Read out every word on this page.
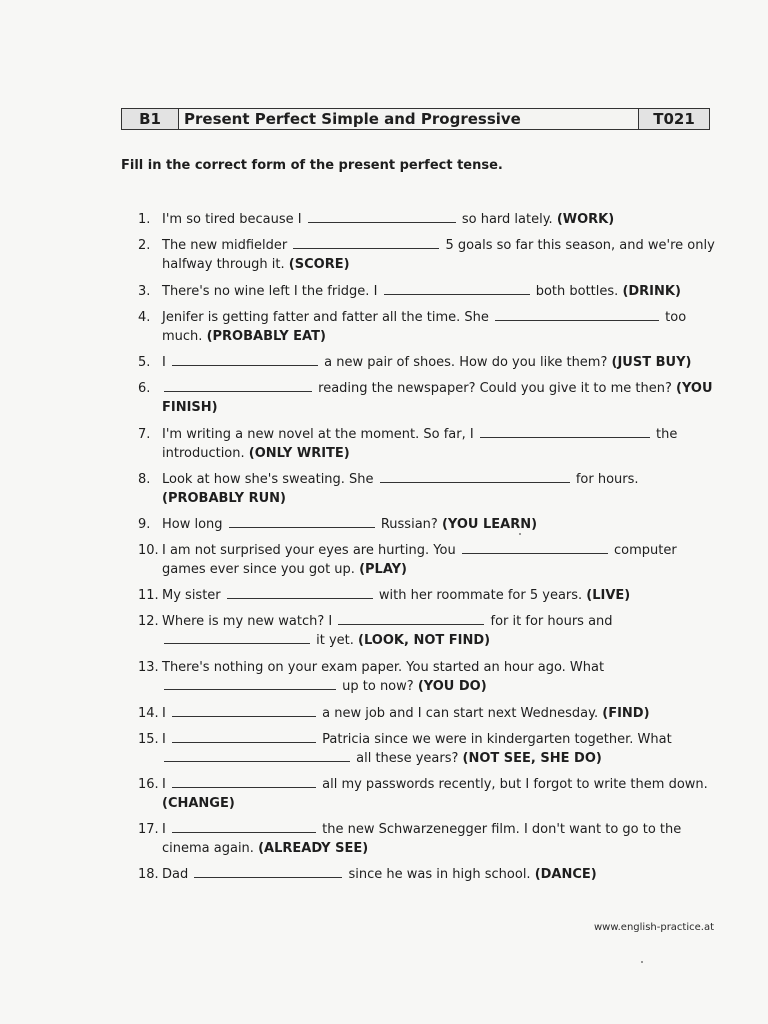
B1	Present Perfect Simple and Progressive	T021
Fill in the correct form of the present perfect tense.
1. I'm so tired because I	so hard lately. (WORK)
2. The new midfielder	5 goals so far this season, and we're only halfway through it. (SCORE)
3. There's no wine left I the fridge. I	both bottles. (DRINK)
4. Jenifer is getting fatter and fatter all the time. She	too much. (PROBABLY EAT)
5. I	a new pair of shoes. How do you like them? (JUST BUY)
6.	reading the newspaper? Could you give it to me then? (YOU FINISH)
7. I'm writing a new novel at the moment. So far, I	the introduction. (ONLY WRITE)
8. Look at how she's sweating. She	for hours. (PROBABLY RUN)
9. How long	Russian? (YOU LEARN)
10. I am not surprised your eyes are hurting. You	computer games ever since you got up. (PLAY)
11. My sister	with her roommate for 5 years. (LIVE)
12. Where is my new watch? I	for it for hours and  it yet. (LOOK, NOT FIND)
13. There's nothing on your exam paper. You started an hour ago. What  up to now? (YOU DO)
14. I	a new job and I can start next Wednesday. (FIND)
15. I	Patricia since we were in kindergarten together. What  all these years? (NOT SEE, SHE DO)
16. I	all my passwords recently, but I forgot to write them down. (CHANGE)
17. I	the new Schwarzenegger film. I don't want to go to the cinema again. (ALREADY SEE)
18. Dad	since he was in high school. (DANCE)
www.english-practice.at
